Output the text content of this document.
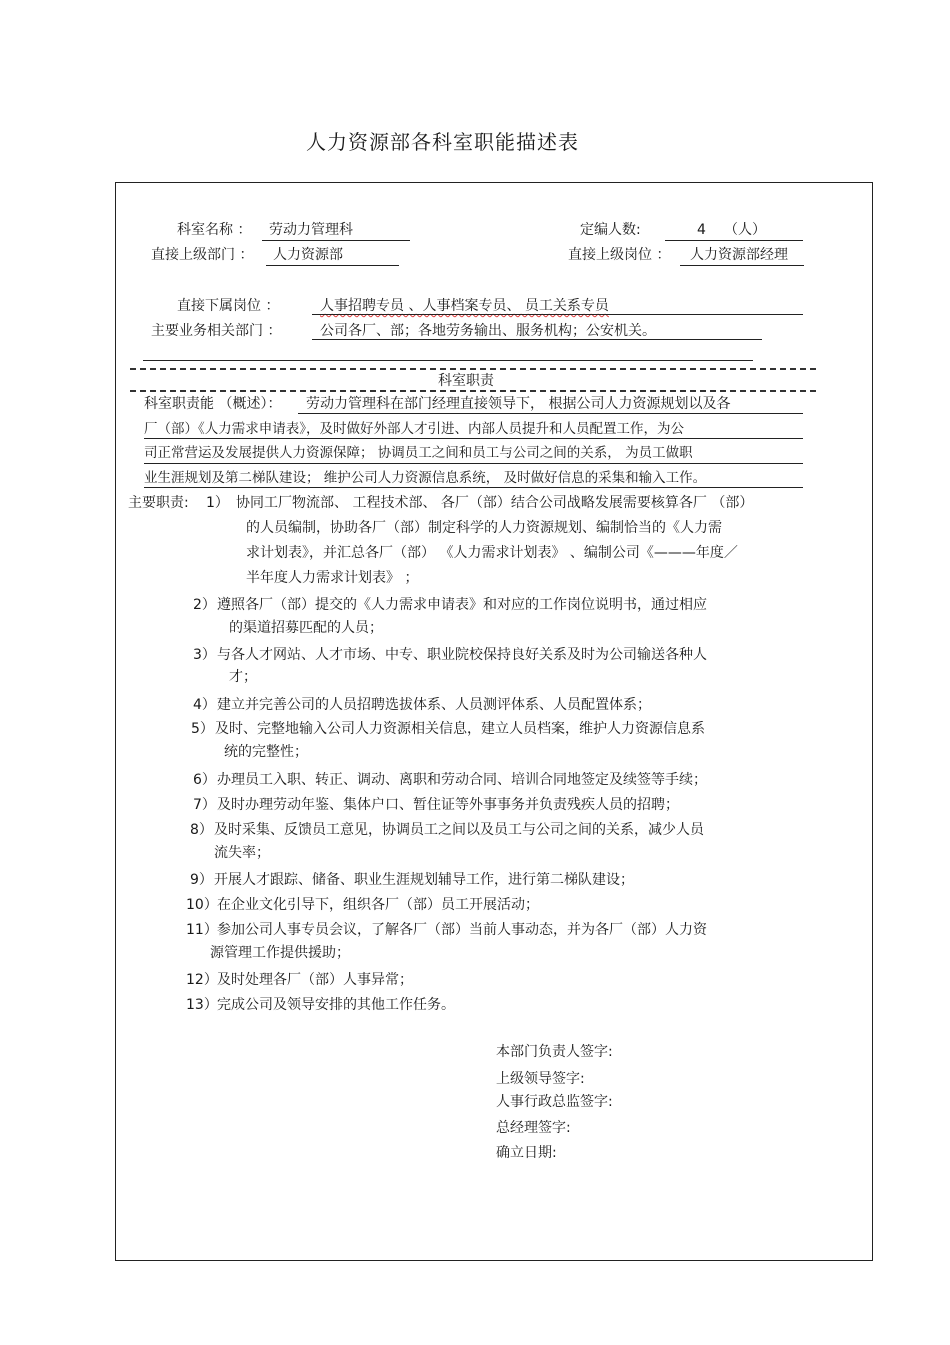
人力资源部各科室职能描述表
科室名称 ： 劳动力管理科	定编人数:	4 （人）
直接上级部门 ： 人力资源部	直接上级岗位 ： 人力资源部经理
直接下属岗位 ：	人事招聘专员 、人事档案专员、 员工关系专员
主要业务相关部门 ：	公司各厂、部；各地劳务输出、服务机构；公安机关。
科室职责
科室职责能 （概述）： 劳动力管理科在部门经理直接领导下， 根据公司人力资源规划以及各
厂（部）《人力需求申请表》，及时做好外部人才引进、内部人员提升和人员配置工作，为公
司正常营运及发展提供人力资源保障； 协调员工之间和员工与公司之间的关系， 为员工做职
业生涯规划及第二梯队建设； 维护公司人力资源信息系统， 及时做好信息的采集和输入工作。
主要职责: 1） 协同工厂物流部、 工程技术部、 各厂（部）结合公司战略发展需要核算各厂 （部）
的人员编制，协助各厂（部）制定科学的人力资源规划、编制恰当的《人力需
求计划表》，并汇总各厂（部） 《人力需求计划表》 、编制公司《———年度／
半年度人力需求计划表》 ；
2） 遵照各厂（部）提交的《人力需求申请表》和对应的工作岗位说明书，通过相应
的渠道招募匹配的人员；
3） 与各人才网站、人才市场、中专、职业院校保持良好关系及时为公司输送各种人
才；
4） 建立并完善公司的人员招聘选拔体系、人员测评体系、人员配置体系；
5） 及时、完整地输入公司人力资源相关信息，建立人员档案，维护人力资源信息系
统的完整性；
6） 办理员工入职、转正、调动、离职和劳动合同、培训合同地签定及续签等手续；
7） 及时办理劳动年鉴、集体户口、暂住证等外事事务并负责残疾人员的招聘；
8） 及时采集、反馈员工意见，协调员工之间以及员工与公司之间的关系，减少人员
流失率；
9） 开展人才跟踪、储备、职业生涯规划辅导工作，进行第二梯队建设；
10） 在企业文化引导下，组织各厂（部）员工开展活动；
11） 参加公司人事专员会议，了解各厂（部）当前人事动态，并为各厂（部）人力资
源管理工作提供援助；
12） 及时处理各厂（部）人事异常；
13） 完成公司及领导安排的其他工作任务。
本部门负责人签字:
上级领导签字:
人事行政总监签字:
总经理签字:
确立日期:
